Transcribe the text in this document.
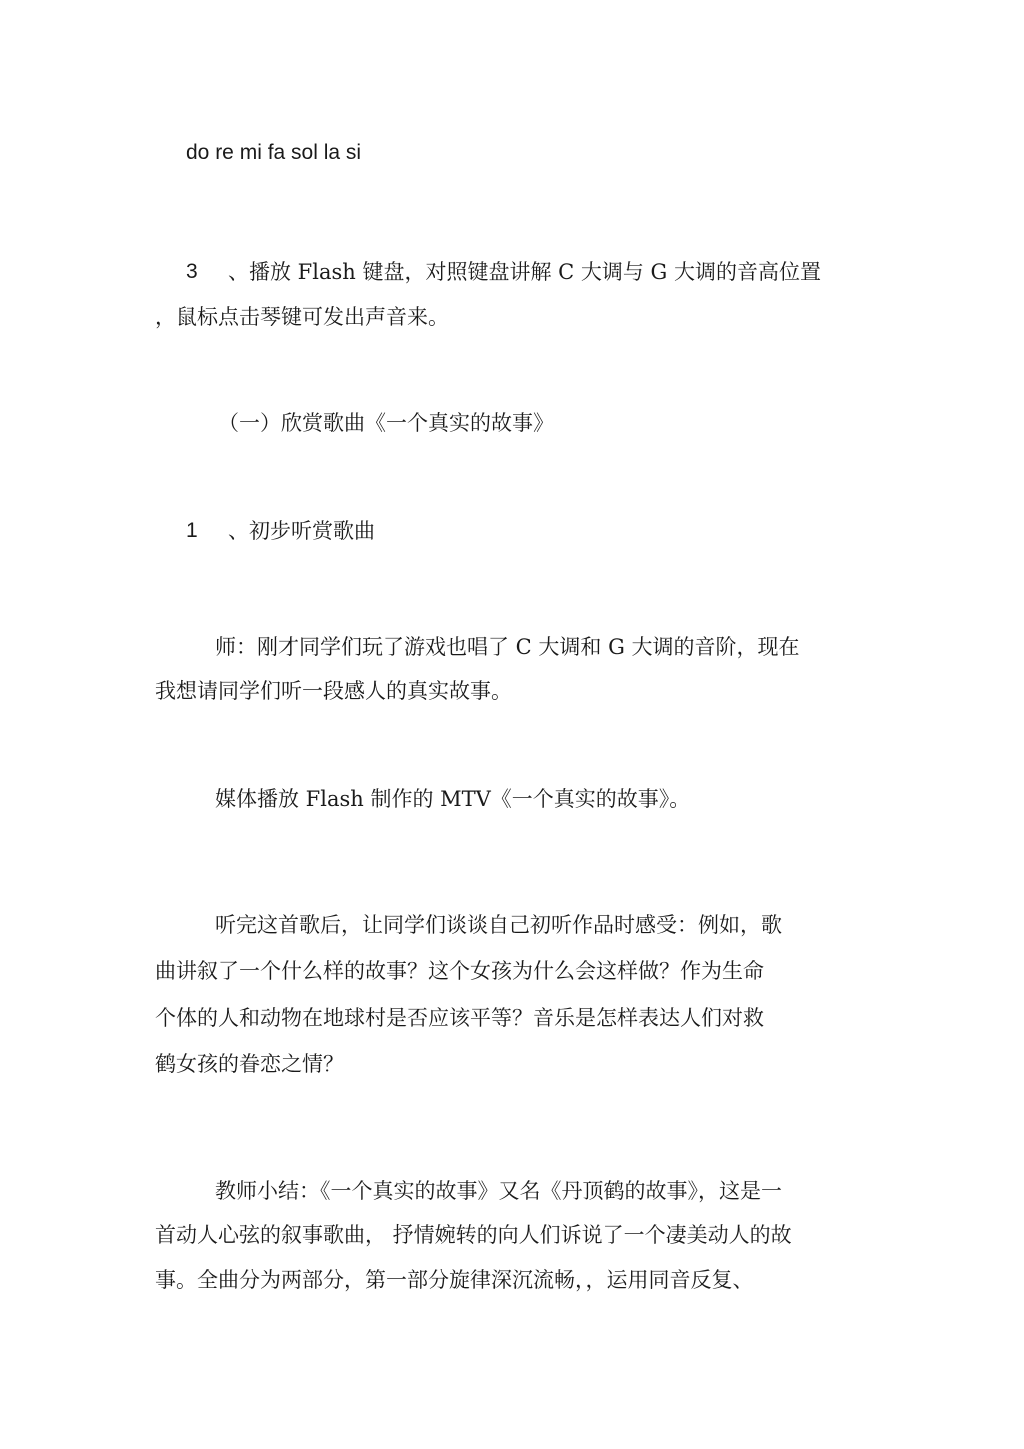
do re mi fa sol la si
3 、播放 Flash 键盘，对照键盘讲解 C 大调与 G 大调的音高位置
，鼠标点击琴键可发出声音来。
（一）欣赏歌曲《一个真实的故事》
1 、初步听赏歌曲
师：刚才同学们玩了游戏也唱了 C 大调和 G 大调的音阶，现在
我想请同学们听一段感人的真实故事。
媒体播放 Flash 制作的 MTV《一个真实的故事》。
听完这首歌后，让同学们谈谈自己初听作品时感受：例如，歌
曲讲叙了一个什么样的故事？这个女孩为什么会这样做？作为生命
个体的人和动物在地球村是否应该平等？音乐是怎样表达人们对救
鹤女孩的眷恋之情？
教师小结：《一个真实的故事》又名《丹顶鹤的故事》，这是一
首动人心弦的叙事歌曲， 抒情婉转的向人们诉说了一个凄美动人的故
事。全曲分为两部分，第一部分旋律深沉流畅，，运用同音反复、
